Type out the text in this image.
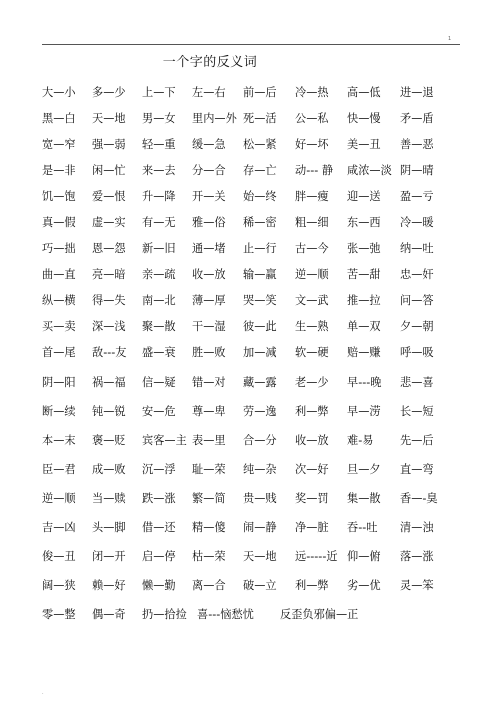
1
一个字的反义词
大—小 多—少 上—下 左—右 前—后 冷—热 高—低 进—退
黑—白 天—地 男—女 里内—外 死—活 公—私 快—慢 矛—盾
宽—窄 强—弱 轻—重 缓—急 松—紧 好—坏 美—丑 善—恶
是—非 闲—忙 来—去 分—合 存—亡 动--- 静 咸浓—淡 阴—晴
饥—饱 爱—恨 升—降 开—关 始—终 胖—瘦 迎—送 盈—亏
真—假 虚—实 有—无 雅—俗 稀—密 粗—细 东—西 冷—暖
巧—拙 恩—怨 新—旧 通—堵 止—行 古—今 张—弛 纳—吐
曲—直 亮—暗 亲—疏 收—放 输—赢 逆—顺 苦—甜 忠—奸
纵—横 得—失 南—北 薄—厚 哭—笑 文—武 推—拉 问—答
买—卖 深—浅 聚—散 干—湿 彼—此 生—熟 单—双 夕—朝
首—尾 敌---友 盛—衰 胜—败 加—减 软—硬 赔—赚 呼—吸
阴—阳 祸—福 信—疑 错—对 藏—露 老—少 早---晚 悲—喜
断—续 钝—锐 安—危 尊—卑 劳—逸 利—弊 早—涝 长—短
本—末 褒—贬 宾客—主 表—里 合—分 收—放 难-易 先—后
臣—君 成—败 沉—浮 耻—荣 纯—杂 次—好 旦—夕 直—弯
逆—顺 当—赎 跌—涨 繁—简 贵—贱 奖—罚 集—散 香—-臭
吉—凶 头—脚 借—还 精—傻 闹—静 净—脏 吞--吐 清—浊
俊—丑 闭—开 启—停 枯—荣 天—地 远-----近 仰—俯 落—涨
阔—狭 赖—好 懒—勤 离—合 破—立 利—弊 劣—优 灵—笨
零—整 偶—奇 扔—拾捡 喜---恼愁忧 反歪负邪偏—正
.
